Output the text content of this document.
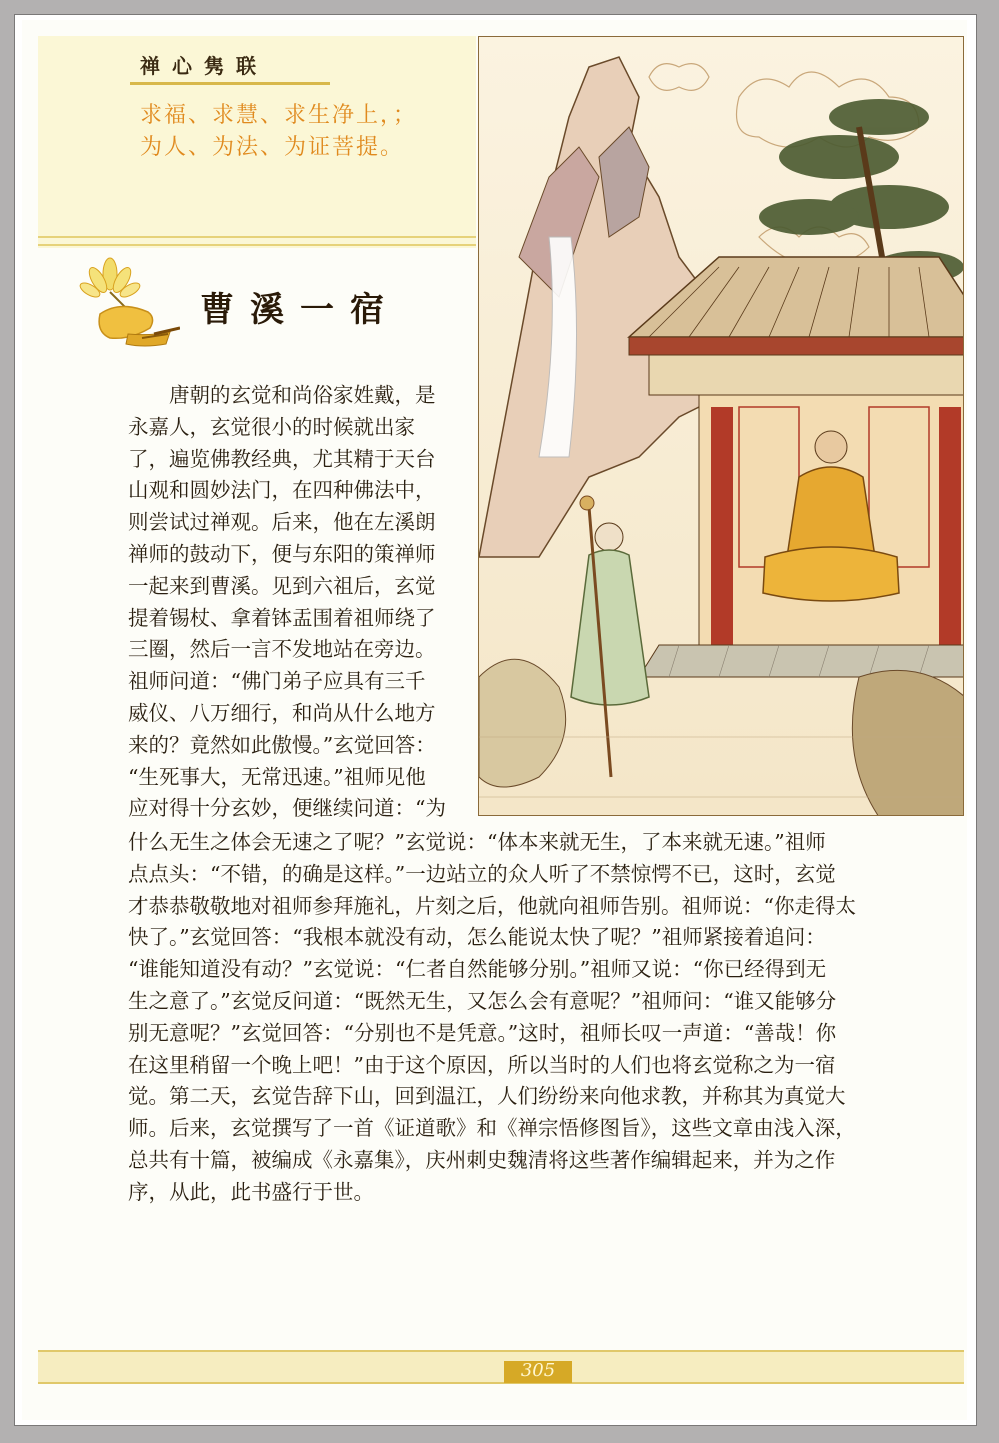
禅心隽联
求福、求慧、求生净上，；
为人、为法、为证菩提。
曹溪一宿
　　唐朝的玄觉和尚俗家姓戴，是
永嘉人，玄觉很小的时候就出家
了，遍览佛教经典，尤其精于天台
山观和圆妙法门，在四种佛法中，
则尝试过禅观。后来，他在左溪朗
禅师的鼓动下，便与东阳的策禅师
一起来到曹溪。见到六祖后，玄觉
提着锡杖、拿着钵盂围着祖师绕了
三圈，然后一言不发地站在旁边。
祖师问道：“佛门弟子应具有三千
威仪、八万细行，和尚从什么地方
来的？竟然如此傲慢。”玄觉回答：
“生死事大，无常迅速。”祖师见他
应对得十分玄妙，便继续问道：“为
什么无生之体会无速之了呢？”玄觉说：“体本来就无生，了本来就无速。”祖师
点点头：“不错，的确是这样。”一边站立的众人听了不禁惊愕不已，这时，玄觉
才恭恭敬敬地对祖师参拜施礼，片刻之后，他就向祖师告别。祖师说：“你走得太
快了。”玄觉回答：“我根本就没有动，怎么能说太快了呢？”祖师紧接着追问：
“谁能知道没有动？”玄觉说：“仁者自然能够分别。”祖师又说：“你已经得到无
生之意了。”玄觉反问道：“既然无生，又怎么会有意呢？”祖师问：“谁又能够分
别无意呢？”玄觉回答：“分别也不是凭意。”这时，祖师长叹一声道：“善哉！你
在这里稍留一个晚上吧！”由于这个原因，所以当时的人们也将玄觉称之为一宿
觉。第二天，玄觉告辞下山，回到温江，人们纷纷来向他求教，并称其为真觉大
师。后来，玄觉撰写了一首《证道歌》和《禅宗悟修图旨》，这些文章由浅入深，
总共有十篇，被编成《永嘉集》，庆州刺史魏清将这些著作编辑起来，并为之作
序，从此，此书盛行于世。
305
